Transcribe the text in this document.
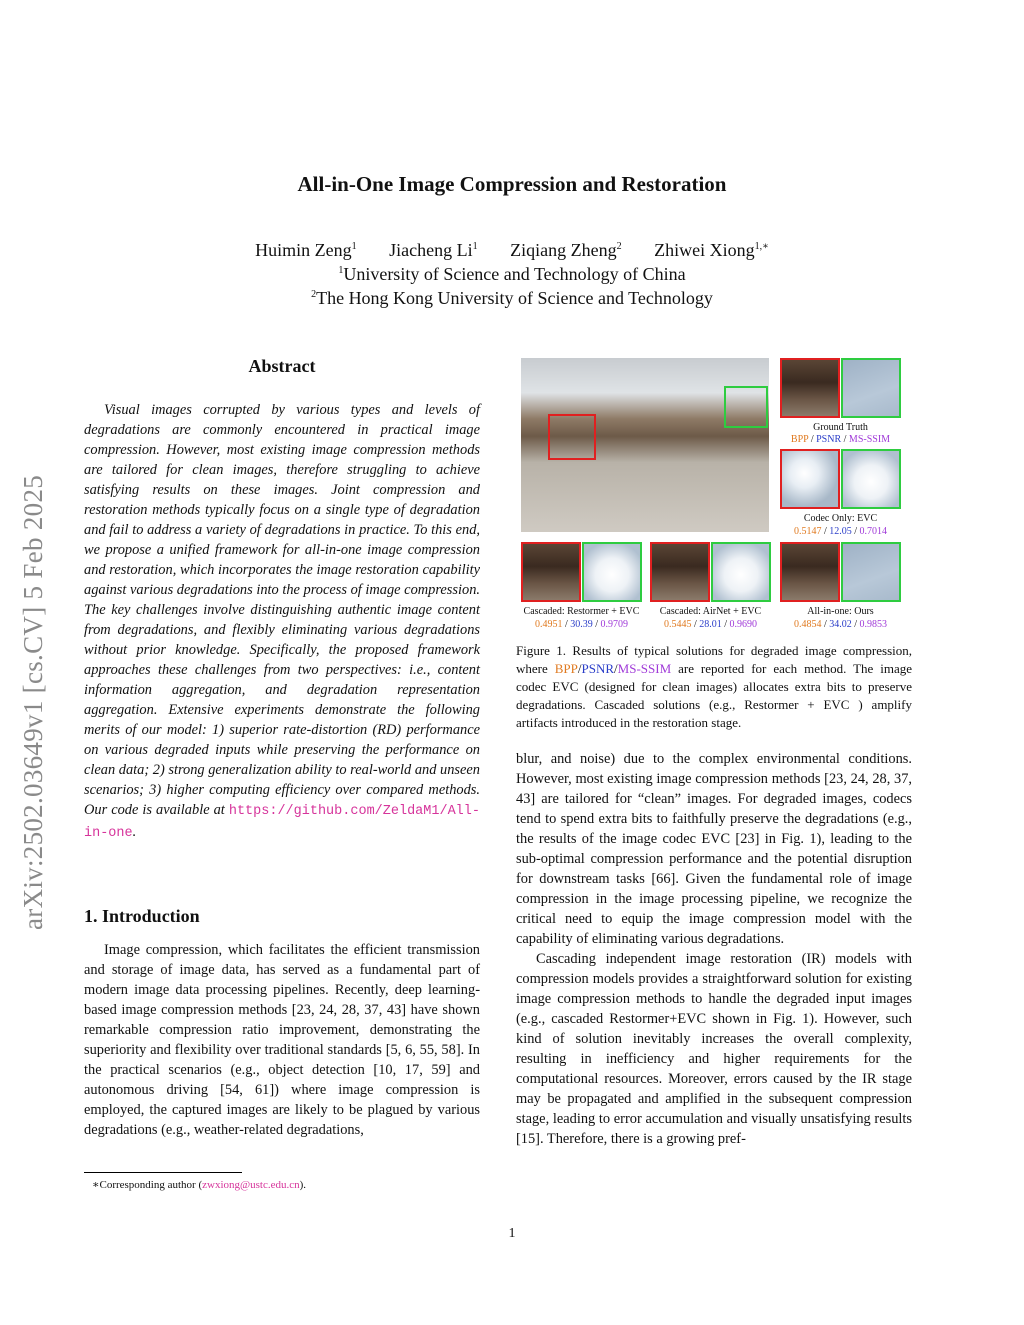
arXiv:2502.03649v1 [cs.CV] 5 Feb 2025
All-in-One Image Compression and Restoration
Huimin Zeng$^1$ Jiacheng Li$^1$ Ziqiang Zheng$^2$ Zhiwei Xiong$^{1,∗}$
$^1$University of Science and Technology of China
$^2$The Hong Kong University of Science and Technology
Abstract

Visual images corrupted by various types and levels of degradations are commonly encountered in practical image compression. However, most existing image compression methods are tailored for clean images, therefore struggling to achieve satisfying results on these images. Joint compression and restoration methods typically focus on a single type of degradation and fail to address a variety of degradations in practice. To this end, we propose a unified framework for all-in-one image compression and restoration, which incorporates the image restoration capability against various degradations into the process of image compression. The key challenges involve distinguishing authentic image content from degradations, and flexibly eliminating various degradations without prior knowledge. Specifically, the proposed framework approaches these challenges from two perspectives: i.e., content information aggregation, and degradation representation aggregation. Extensive experiments demonstrate the following merits of our model: 1) superior rate-distortion (RD) performance on various degraded inputs while preserving the performance on clean data; 2) strong generalization ability to real-world and unseen scenarios; 3) higher computing efficiency over compared methods. Our code is available at https://github.com/ZeldaM1/All-in-one.

1. Introduction

Image compression, which facilitates the efficient transmission and storage of image data, has served as a fundamental part of modern image data processing pipelines. Recently, deep learning-based image compression methods [23, 24, 28, 37, 43] have shown remarkable compression ratio improvement, demonstrating the superiority and flexibility over traditional standards [5, 6, 55, 58]. In the practical scenarios (e.g., object detection [10, 17, 59] and autonomous driving [54, 61]) where image compression is employed, the captured images are likely to be plagued by various degradations (e.g., weather-related degradations,

∗Corresponding author (zwxiong@ustc.edu.cn).
Ground Truth
BPP / PSNR / MS-SSIM
Codec Only: EVC
0.5147 / 12.05 / 0.7014
Cascaded: Restormer + EVC
0.4951 / 30.39 / 0.9709
Cascaded: AirNet + EVC
0.5445 / 28.01 / 0.9690
All-in-one: Ours
0.4854 / 34.02 / 0.9853
Figure 1. Results of typical solutions for degraded image compression, where BPP/PSNR/MS-SSIM are reported for each method. The image codec EVC (designed for clean images) allocates extra bits to preserve degradations. Cascaded solutions (e.g., Restormer + EVC ) amplify artifacts introduced in the restoration stage.

blur, and noise) due to the complex environmental conditions. However, most existing image compression methods [23, 24, 28, 37, 43] are tailored for “clean” images. For degraded images, codecs tend to spend extra bits to faithfully preserve the degradations (e.g., the results of the image codec EVC [23] in Fig. 1), leading to the sub-optimal compression performance and the potential disruption for downstream tasks [66]. Given the fundamental role of image compression in the image processing pipeline, we recognize the critical need to equip the image compression model with the capability of eliminating various degradations.

Cascading independent image restoration (IR) models with compression models provides a straightforward solution for existing image compression methods to handle the degraded input images (e.g., cascaded Restormer+EVC shown in Fig. 1). However, such kind of solution inevitably increases the overall complexity, resulting in inefficiency and higher requirements for the computational resources. Moreover, errors caused by the IR stage may be propagated and amplified in the subsequent compression stage, leading to error accumulation and visually unsatisfying results [15]. Therefore, there is a growing pref-

1
